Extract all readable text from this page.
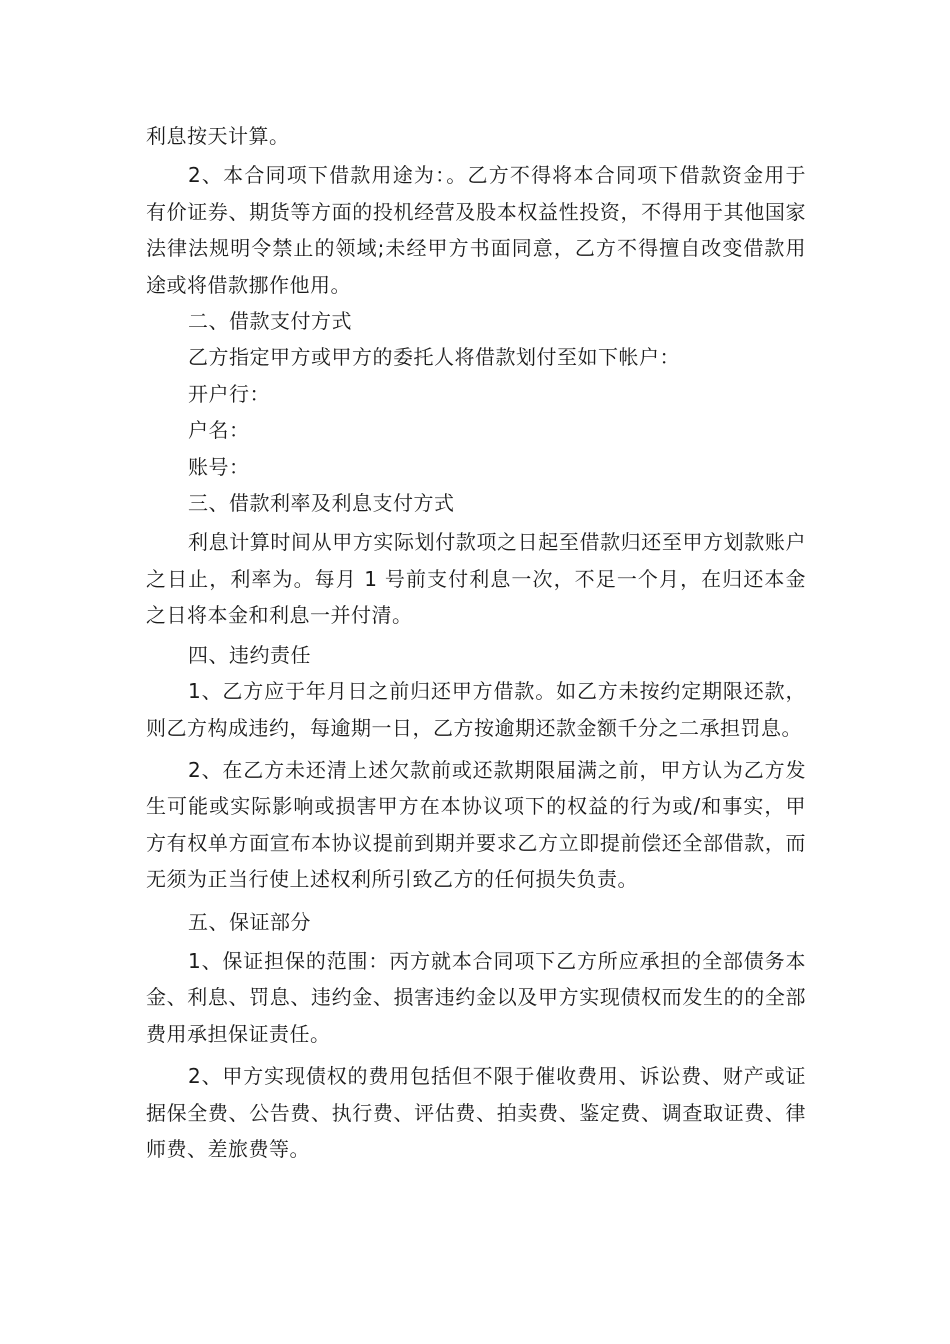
利息按天计算。

2、本合同项下借款用途为：。乙方不得将本合同项下借款资金用于有价证券、期货等方面的投机经营及股本权益性投资，不得用于其他国家法律法规明令禁止的领域;未经甲方书面同意，乙方不得擅自改变借款用途或将借款挪作他用。

二、借款支付方式

乙方指定甲方或甲方的委托人将借款划付至如下帐户：

开户行：

户名：

账号：

三、借款利率及利息支付方式

利息计算时间从甲方实际划付款项之日起至借款归还至甲方划款账户之日止，利率为。每月 1 号前支付利息一次，不足一个月，在归还本金之日将本金和利息一并付清。

四、违约责任

1、乙方应于年月日之前归还甲方借款。如乙方未按约定期限还款，则乙方构成违约，每逾期一日，乙方按逾期还款金额千分之二承担罚息。

2、在乙方未还清上述欠款前或还款期限届满之前，甲方认为乙方发生可能或实际影响或损害甲方在本协议项下的权益的行为或/和事实，甲方有权单方面宣布本协议提前到期并要求乙方立即提前偿还全部借款，而无须为正当行使上述权利所引致乙方的任何损失负责。

五、保证部分

1、保证担保的范围：丙方就本合同项下乙方所应承担的全部债务本金、利息、罚息、违约金、损害违约金以及甲方实现债权而发生的的全部费用承担保证责任。

2、甲方实现债权的费用包括但不限于催收费用、诉讼费、财产或证据保全费、公告费、执行费、评估费、拍卖费、鉴定费、调查取证费、律师费、差旅费等。
